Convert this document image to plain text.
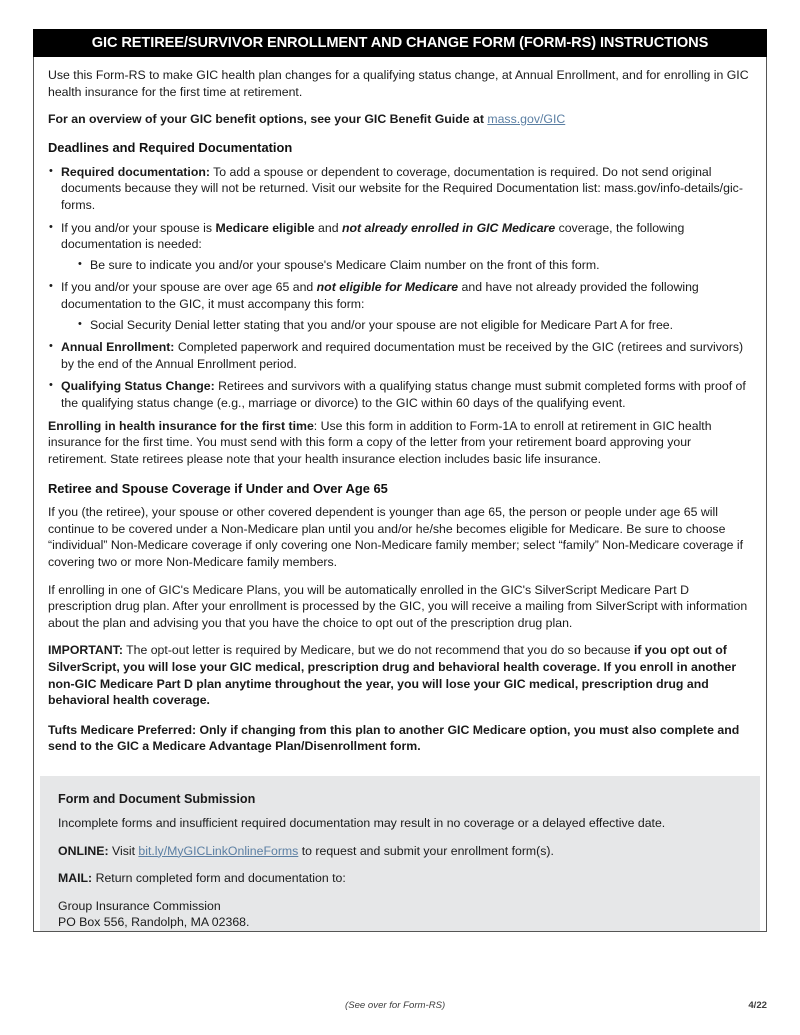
GIC RETIREE/SURVIVOR ENROLLMENT AND CHANGE FORM (FORM-RS) INSTRUCTIONS

Use this Form-RS to make GIC health plan changes for a qualifying status change, at Annual Enrollment, and for enrolling in GIC health insurance for the first time at retirement.

For an overview of your GIC benefit options, see your GIC Benefit Guide at mass.gov/GIC

Deadlines and Required Documentation
• Required documentation: To add a spouse or dependent to coverage, documentation is required. Do not send original documents because they will not be returned. Visit our website for the Required Documentation list: mass.gov/info-details/gic-forms.
• If you and/or your spouse is Medicare eligible and not already enrolled in GIC Medicare coverage, the following documentation is needed:
• Be sure to indicate you and/or your spouse's Medicare Claim number on the front of this form.
• If you and/or your spouse are over age 65 and not eligible for Medicare and have not already provided the following documentation to the GIC, it must accompany this form:
• Social Security Denial letter stating that you and/or your spouse are not eligible for Medicare Part A for free.
• Annual Enrollment: Completed paperwork and required documentation must be received by the GIC (retirees and survivors) by the end of the Annual Enrollment period.
• Qualifying Status Change: Retirees and survivors with a qualifying status change must submit completed forms with proof of the qualifying status change (e.g., marriage or divorce) to the GIC within 60 days of the qualifying event.

Enrolling in health insurance for the first time: Use this form in addition to Form-1A to enroll at retirement in GIC health insurance for the first time. You must send with this form a copy of the letter from your retirement board approving your retirement. State retirees please note that your health insurance election includes basic life insurance.

Retiree and Spouse Coverage if Under and Over Age 65

If you (the retiree), your spouse or other covered dependent is younger than age 65, the person or people under age 65 will continue to be covered under a Non-Medicare plan until you and/or he/she becomes eligible for Medicare. Be sure to choose “individual” Non-Medicare coverage if only covering one Non-Medicare family member; select “family” Non-Medicare coverage if covering two or more Non-Medicare family members.

If enrolling in one of GIC's Medicare Plans, you will be automatically enrolled in the GIC's SilverScript Medicare Part D prescription drug plan. After your enrollment is processed by the GIC, you will receive a mailing from SilverScript with information about the plan and advising you that you have the choice to opt out of the prescription drug plan.

IMPORTANT: The opt-out letter is required by Medicare, but we do not recommend that you do so because if you opt out of SilverScript, you will lose your GIC medical, prescription drug and behavioral health coverage. If you enroll in another non-GIC Medicare Part D plan anytime throughout the year, you will lose your GIC medical, prescription drug and behavioral health coverage.

Tufts Medicare Preferred: Only if changing from this plan to another GIC Medicare option, you must also complete and send to the GIC a Medicare Advantage Plan/Disenrollment form.

Form and Document Submission

Incomplete forms and insufficient required documentation may result in no coverage or a delayed effective date.

ONLINE: Visit bit.ly/MyGICLinkOnlineForms to request and submit your enrollment form(s).

MAIL: Return completed form and documentation to:

Group Insurance Commission
PO Box 556, Randolph, MA 02368.

(See over for Form-RS)	4/22
